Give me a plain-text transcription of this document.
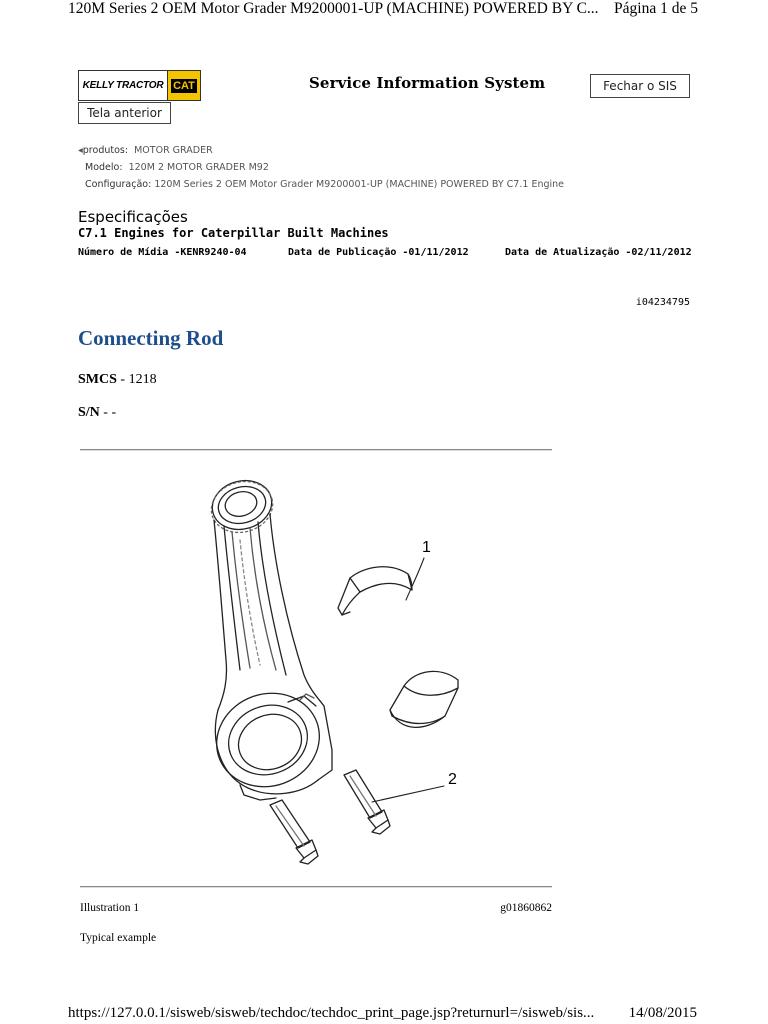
120M Series 2 OEM Motor Grader M9200001-UP (MACHINE) POWERED BY C... Página 1 de 5
KELLY TRACTOR CAT	Service Information System	Fechar o SIS
Tela anterior
◂produtos: MOTOR GRADER
Modelo: 120M 2 MOTOR GRADER M92
Configuração: 120M Series 2 OEM Motor Grader M9200001-UP (MACHINE) POWERED BY C7.1 Engine
Especificações
C7.1 Engines for Caterpillar Built Machines
Número de Mídia -KENR9240-04	Data de Publicação -01/11/2012	Data de Atualização -02/11/2012
i04234795
Connecting Rod
SMCS - 1218
S/N - -
1
2
Illustration 1	g01860862
Typical example
https://127.0.0.1/sisweb/sisweb/techdoc/techdoc_print_page.jsp?returnurl=/sisweb/sis... 14/08/2015
